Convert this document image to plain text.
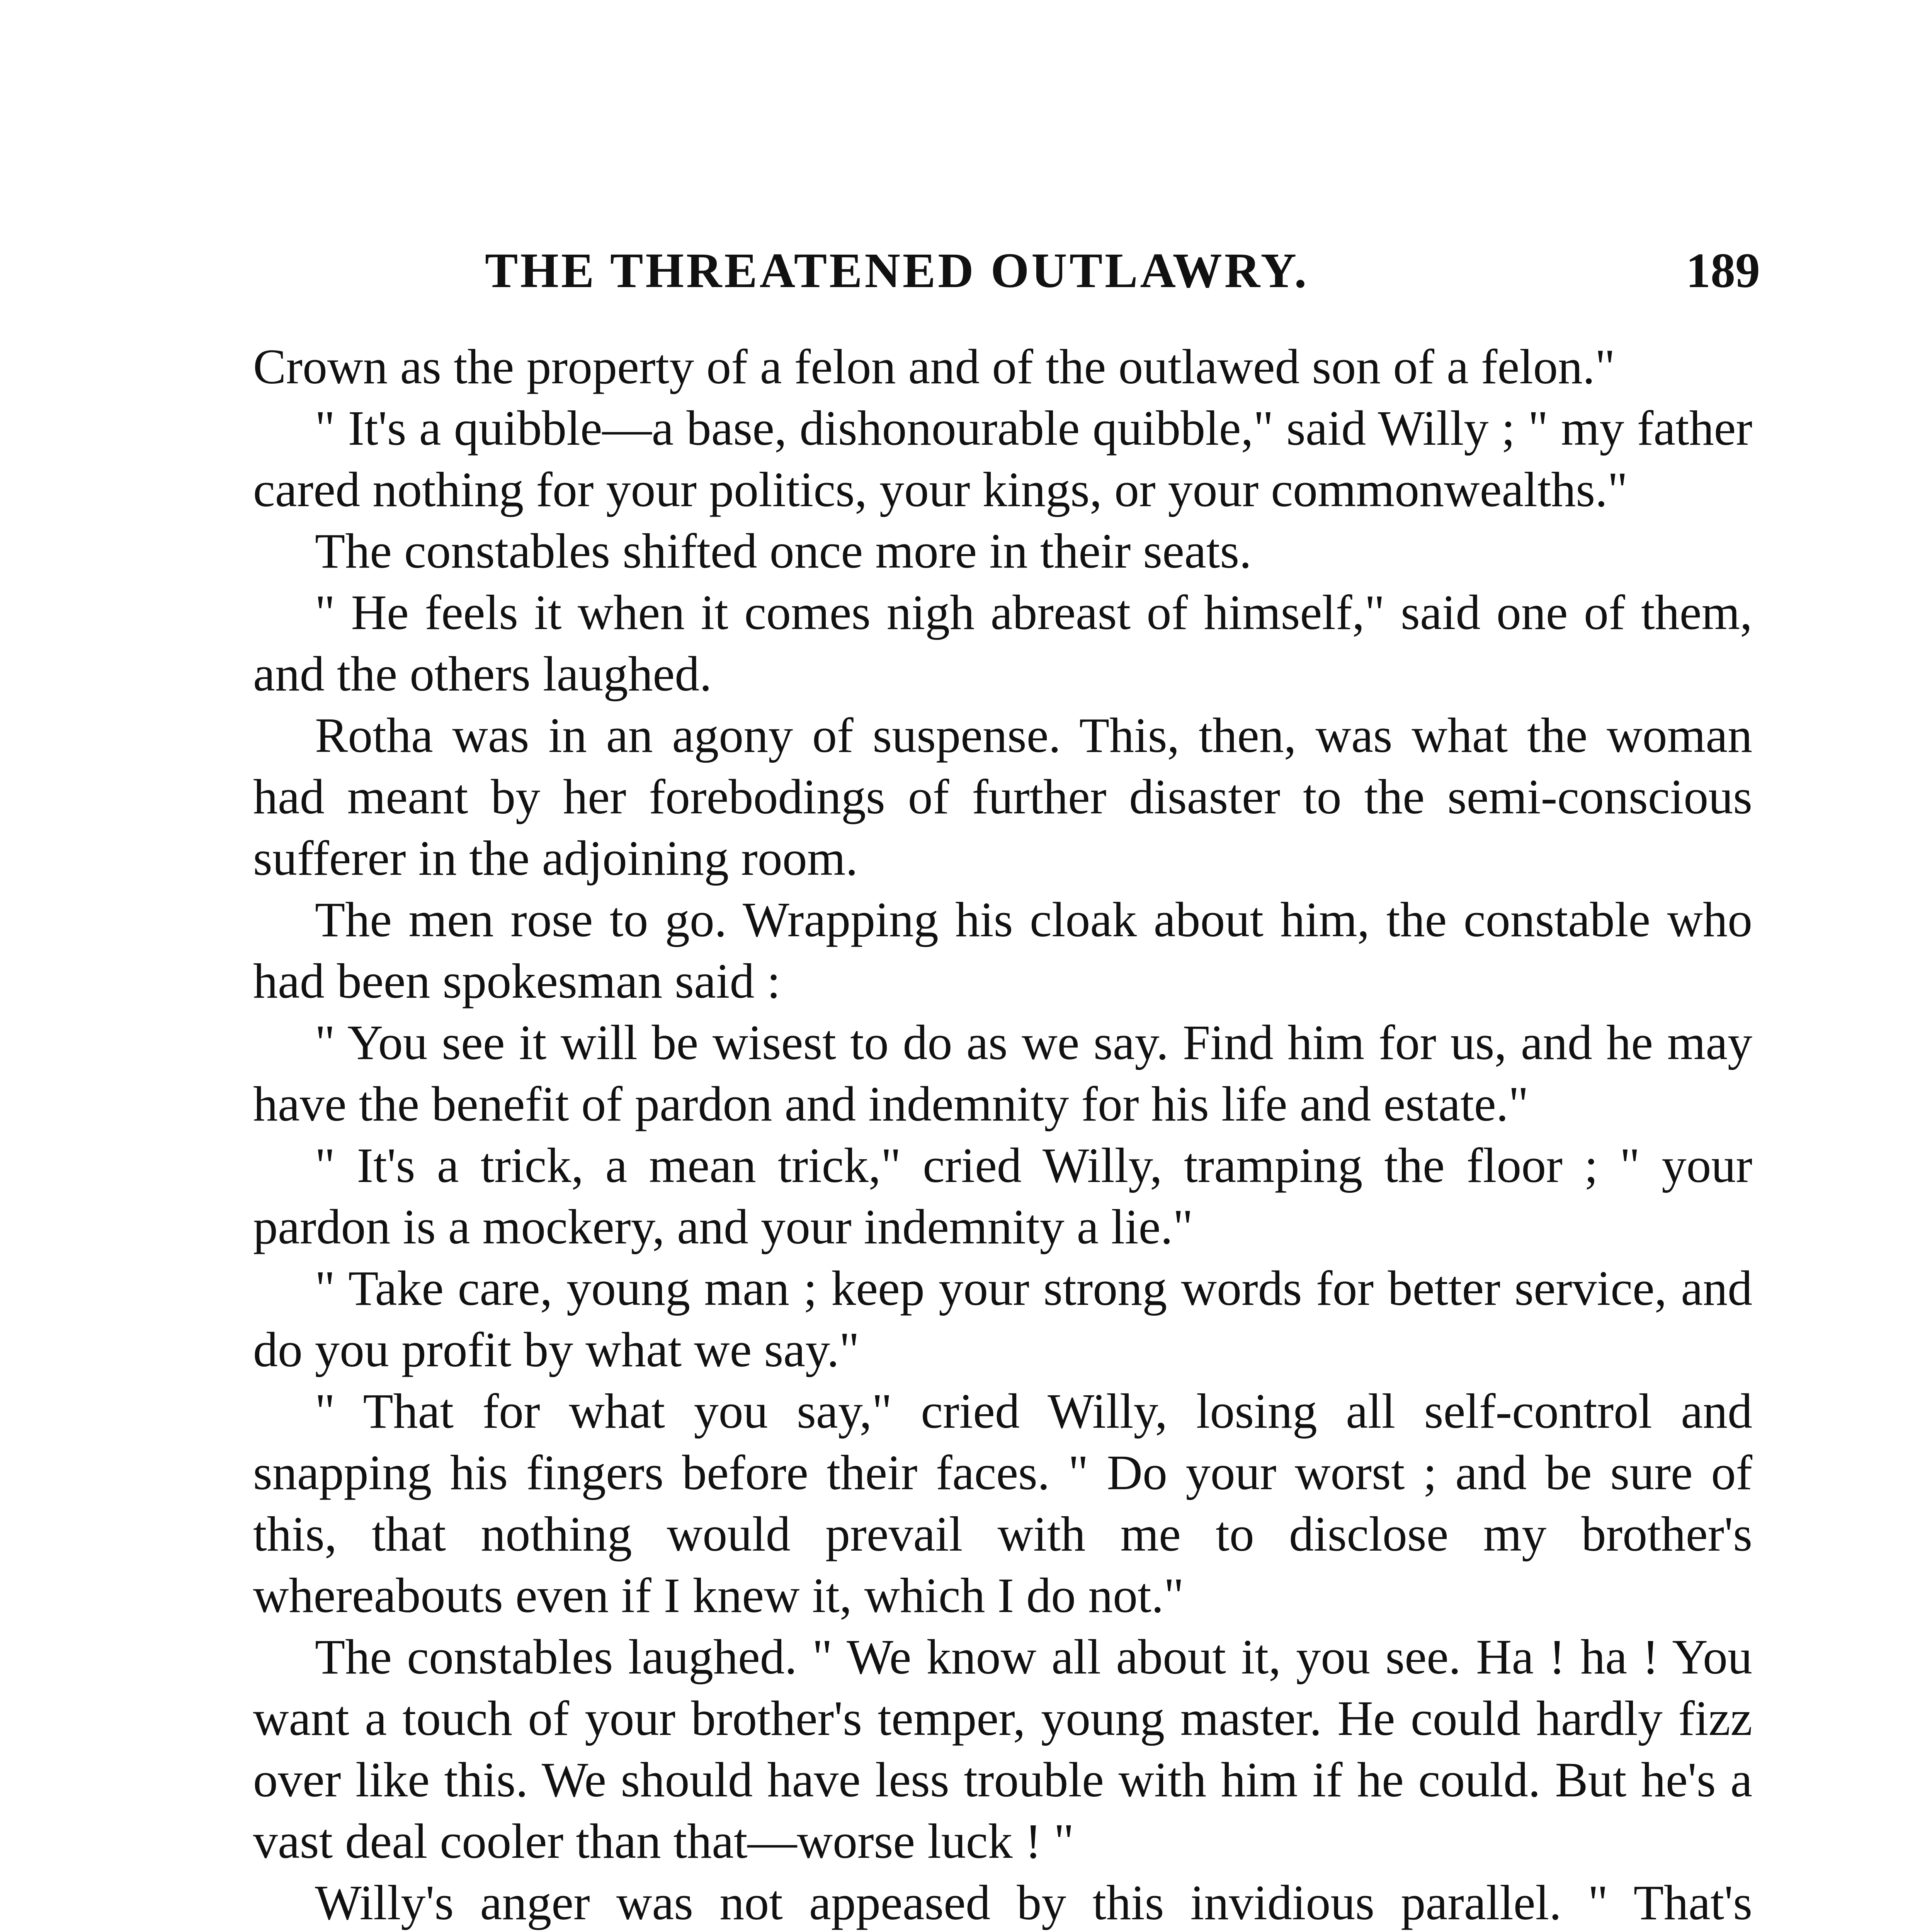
THE THREATENED OUTLAWRY.	189

Crown as the property of a felon and of the outlawed son of a felon."

" It's a quibble—a base, dishonourable quibble," said Willy ; " my father cared nothing for your politics, your kings, or your commonwealths."

The constables shifted once more in their seats.

" He feels it when it comes nigh abreast of himself," said one of them, and the others laughed.

Rotha was in an agony of suspense. This, then, was what the woman had meant by her forebodings of further disaster to the semi-conscious sufferer in the adjoining room.

The men rose to go. Wrapping his cloak about him, the constable who had been spokesman said :

" You see it will be wisest to do as we say. Find him for us, and he may have the benefit of pardon and indemnity for his life and estate."

" It's a trick, a mean trick," cried Willy, tramping the floor ; " your pardon is a mockery, and your indemnity a lie."

" Take care, young man ; keep your strong words for better service, and do you profit by what we say."

" That for what you say," cried Willy, losing all self-control and snapping his fingers before their faces. " Do your worst ; and be sure of this, that nothing would prevail with me to disclose my brother's whereabouts even if I knew it, which I do not."

The constables laughed. " We know all about it, you see. Ha ! ha ! You want a touch of your brother's temper, young master. He could hardly fizz over like this. We should have less trouble with him if he could. But he's a vast deal cooler than that—worse luck ! "

Willy's anger was not appeased by this invidious parallel. " That's
